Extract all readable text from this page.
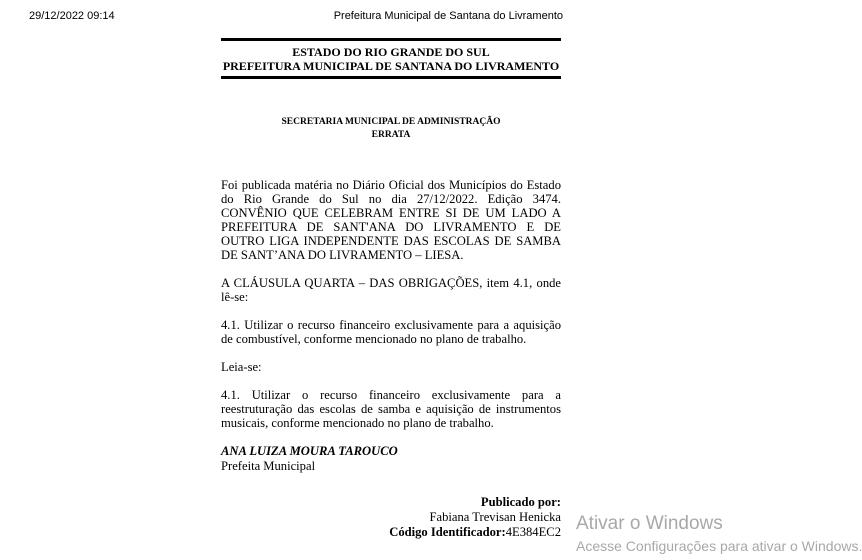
29/12/2022 09:14	Prefeitura Municipal de Santana do Livramento
ESTADO DO RIO GRANDE DO SUL
PREFEITURA MUNICIPAL DE SANTANA DO LIVRAMENTO
SECRETARIA MUNICIPAL DE ADMINISTRAÇÃO
ERRATA
Foi publicada matéria no Diário Oficial dos Municípios do Estado do Rio Grande do Sul no dia 27/12/2022. Edição 3474. CONVÊNIO QUE CELEBRAM ENTRE SI DE UM LADO A PREFEITURA DE SANT'ANA DO LIVRAMENTO E DE OUTRO LIGA INDEPENDENTE DAS ESCOLAS DE SAMBA DE SANT’ANA DO LIVRAMENTO – LIESA.
A CLÁUSULA QUARTA – DAS OBRIGAÇÕES, item 4.1, onde lê-se:
4.1. Utilizar o recurso financeiro exclusivamente para a aquisição de combustível, conforme mencionado no plano de trabalho.
Leia-se:
4.1. Utilizar o recurso financeiro exclusivamente para a reestruturação das escolas de samba e aquisição de instrumentos musicais, conforme mencionado no plano de trabalho.
ANA LUIZA MOURA TAROUCO
Prefeita Municipal
Publicado por:
Fabiana Trevisan Henicka
Código Identificador:4E384EC2 Ativar o Windows
Acesse Configurações para ativar o Windows.
